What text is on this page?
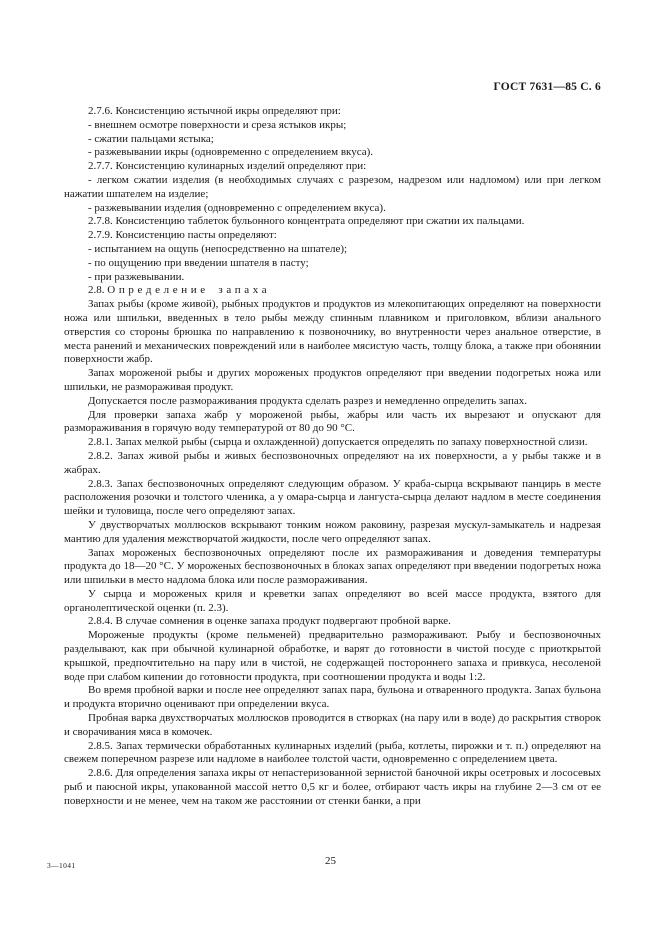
ГОСТ 7631—85 С. 6

2.7.6. Консистенцию ястычной икры определяют при:

- внешнем осмотре поверхности и среза ястыков икры;

- сжатии пальцами ястыка;

- разжевывании икры (одновременно с определением вкуса).

2.7.7. Консистенцию кулинарных изделий определяют при:

- легком сжатии изделия (в необходимых случаях с разрезом, надрезом или надломом) или при легком нажатии шпателем на изделие;

- разжевывании изделия (одновременно с определением вкуса).

2.7.8. Консистенцию таблеток бульонного концентрата определяют при сжатии их пальцами.

2.7.9. Консистенцию пасты определяют:

- испытанием на ощупь (непосредственно на шпателе);

- по ощущению при введении шпателя в пасту;

- при разжевывании.

2.8. Определение запаха

Запах рыбы (кроме живой), рыбных продуктов и продуктов из млекопитающих определяют на поверхности ножа или шпильки, введенных в тело рыбы между спинным плавником и приголовком, вблизи анального отверстия со стороны брюшка по направлению к позвоночнику, во внутренности через анальное отверстие, в места ранений и механических повреждений или в наиболее мясистую часть, толщу блока, а также при обонянии поверхности жабр.

Запах мороженой рыбы и других мороженых продуктов определяют при введении подогретых ножа или шпильки, не размораживая продукт.

Допускается после размораживания продукта сделать разрез и немедленно определить запах.

Для проверки запаха жабр у мороженой рыбы, жабры или часть их вырезают и опускают для размораживания в горячую воду температурой от 80 до 90 °С.

2.8.1. Запах мелкой рыбы (сырца и охлажденной) допускается определять по запаху поверхностной слизи.

2.8.2. Запах живой рыбы и живых беспозвоночных определяют на их поверхности, а у рыбы также и в жабрах.

2.8.3. Запах беспозвоночных определяют следующим образом. У краба-сырца вскрывают панцирь в месте расположения розочки и толстого членика, а у омара-сырца и лангуста-сырца делают надлом в месте соединения шейки и туловища, после чего определяют запах.

У двустворчатых моллюсков вскрывают тонким ножом раковину, разрезая мускул-замыкатель и надрезая мантию для удаления межстворчатой жидкости, после чего определяют запах.

Запах мороженых беспозвоночных определяют после их размораживания и доведения температуры продукта до 18—20 °С. У мороженых беспозвоночных в блоках запах определяют при введении подогретых ножа или шпильки в место надлома блока или после размораживания.

У сырца и мороженых криля и креветки запах определяют во всей массе продукта, взятого для органолептической оценки (п. 2.3).

2.8.4. В случае сомнения в оценке запаха продукт подвергают пробной варке.

Мороженые продукты (кроме пельменей) предварительно размораживают. Рыбу и беспозвоночных разделывают, как при обычной кулинарной обработке, и варят до готовности в чистой посуде с приоткрытой крышкой, предпочтительно на пару или в чистой, не содержащей постороннего запаха и привкуса, несоленой воде при слабом кипении до готовности продукта, при соотношении продукта и воды 1:2.

Во время пробной варки и после нее определяют запах пара, бульона и отваренного продукта. Запах бульона и продукта вторично оценивают при определении вкуса.

Пробная варка двухстворчатых моллюсков проводится в створках (на пару или в воде) до раскрытия створок и сворачивания мяса в комочек.

2.8.5. Запах термически обработанных кулинарных изделий (рыба, котлеты, пирожки и т. п.) определяют на свежем поперечном разрезе или надломе в наиболее толстой части, одновременно с определением цвета.

2.8.6. Для определения запаха икры от непастеризованной зернистой баночной икры осетровых и лососевых рыб и паюсной икры, упакованной массой нетто 0,5 кг и более, отбирают часть икры на глубине 2—3 см от ее поверхности и не менее, чем на таком же расстоянии от стенки банки, а при

25
3—1041
